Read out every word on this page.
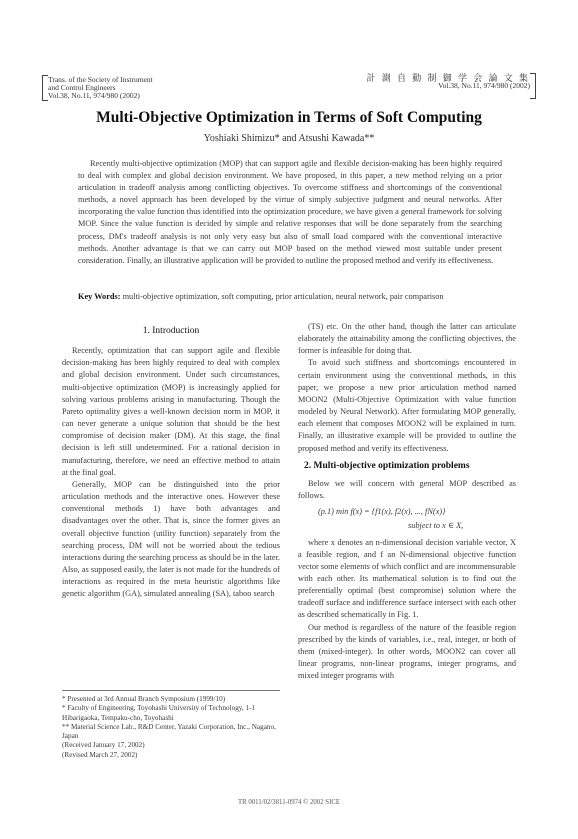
Trans. of the Society of Instrument
and Control Engineers
Vol.38, No.11, 974/980 (2002)
計 測 自 動 制 御 学 会 論 文 集
Vol.38, No.11, 974/980 (2002)
Multi-Objective Optimization in Terms of Soft Computing
Yoshiaki Shimizu* and Atsushi Kawada**
Recently multi-objective optimization (MOP) that can support agile and flexible decision-making has been highly required to deal with complex and global decision environment. We have proposed, in this paper, a new method relying on a prior articulation in tradeoff analysis among conflicting objectives. To overcome stiffness and shortcomings of the conventional methods, a novel approach has been developed by the virtue of simply subjective judgment and neural networks. After incorporating the value function thus identified into the optimization procedure, we have given a general framework for solving MOP. Since the value function is decided by simple and relative responses that will be done separately from the searching process, DM's tradeoff analysis is not only very easy but also of small load compared with the conventional interactive methods. Another advantage is that we can carry out MOP based on the method viewed most suitable under present consideration. Finally, an illustrative application will be provided to outline the proposed method and verify its effectiveness.
Key Words: multi-objective optimization, soft computing, prior articulation, neural network, pair comparison
1. Introduction

Recently, optimization that can support agile and flexible decision-making has been highly required to deal with complex and global decision environment. Under such circumstances, multi-objective optimization (MOP) is increasingly applied for solving various problems arising in manufacturing. Though the Pareto optimality gives a well-known decision norm in MOP, it can never generate a unique solution that should be the best compromise of decision maker (DM). At this stage, the final decision is left still undetermined. For a rational decision in manufacturing, therefore, we need an effective method to attain at the final goal.

Generally, MOP can be distinguished into the prior articulation methods and the interactive ones. However these conventional methods 1) have both advantages and disadvantages over the other. That is, since the former gives an overall objective function (utility function) separately from the searching process, DM will not be worried about the tedious interactions during the searching process as should be in the later. Also, as supposed easily, the later is not made for the hundreds of interactions as required in the meta heuristic algorithms like genetic algorithm (GA), simulated annealing (SA), taboo search

* Presented at 3rd Annual Branch Symposium (1999/10)
* Faculty of Engineering, Toyohashi University of Technology, 1-1 Hibarigaoka, Tempaku-cho, Toyohashi
** Material Science Lab., R&D Center, Yazaki Corporation, Inc., Nagano, Japan
(Received January 17, 2002)
(Revised March 27, 2002)

(TS) etc. On the other hand, though the latter can articulate elaborately the attainability among the conflicting objectives, the former is infeasible for doing that.

To avoid such stiffness and shortcomings encountered in certain environment using the conventional methods, in this paper, we propose a new prior articulation method named MOON2 (Multi-Objective Optimization with value function modeled by Neural Network). After formulating MOP generally, each element that composes MOON2 will be explained in turn. Finally, an illustrative example will be provided to outline the proposed method and verify its effectiveness.

2. Multi-objective optimization problems

Below we will concern with general MOP described as follows.

(p.1) min f(x) = {f1(x), f2(x), ..., fN(x)}
subject to x ∈ X,

where x denotes an n-dimensional decision variable vector, X a feasible region, and f an N-dimensional objective function vector some elements of which conflict and are incommensurable with each other. Its mathematical solution is to find out the preferentially optimal (best compromise) solution where the tradeoff surface and indifference surface intersect with each other as described schematically in Fig. 1.

Our method is regardless of the nature of the feasible region prescribed by the kinds of variables, i.e., real, integer, or both of them (mixed-integer). In other words, MOON2 can cover all linear programs, non-linear programs, integer programs, and mixed integer programs with

TR 0011/02/3811-0974 © 2002 SICE
